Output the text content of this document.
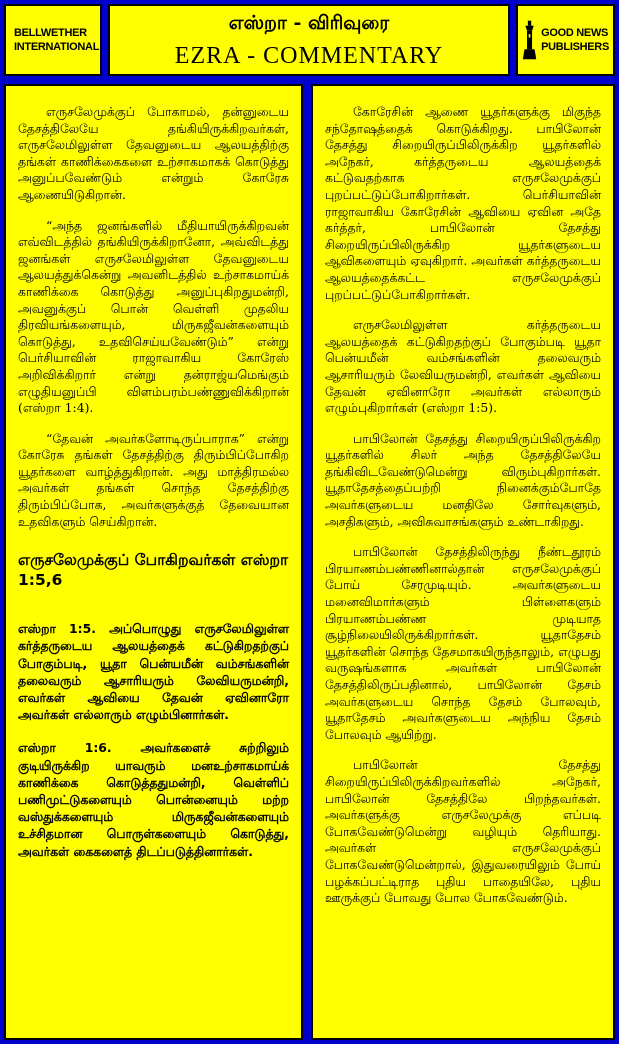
BELLWETHER
INTERNATIONAL
எஸ்றா - விரிவுரை
EZRA - COMMENTARY
GOOD NEWS
PUBLISHERS

எருசலேமுக்குப் போகாமல், தன்னுடைய தேசத்திலேயே தங்கியிருக்கிறவர்கள், எருசலேமிலுள்ள தேவனுடைய ஆலயத்திற்கு தங்கள் காணிக்கைகளை உற்சாகமாகக் கொடுத்து அனுப்பவேண்டும் என்றும் கோரேசு ஆணையிடுகிறான்.

“அந்த ஜனங்களில் மீதியாயிருக்கிறவன் எவ்விடத்தில் தங்கியிருக்கிறானோ, அவ்விடத்து ஜனங்கள் எருசலேமிலுள்ள தேவனுடைய ஆலயத்துக்கென்று அவனிடத்தில் உற்சாகமாய்க் காணிக்கை கொடுத்து அனுப்புகிறதுமன்றி, அவனுக்குப் பொன் வெள்ளி முதலிய திரவியங்களையும், மிருகஜீவன்களையும் கொடுத்து, உதவிசெய்யவேண்டும்” என்று பெர்சியாவின் ராஜாவாகிய கோரேஸ் அறிவிக்கிறார் என்று தன்ராஜ்யமெங்கும் எழுதியனுப்பி விளம்பரம்பண்ணுவிக்கிறான் (எஸ்றா 1:4).

“தேவன் அவர்களோடிருப்பாராக” என்று கோரேசு தங்கள் தேசத்திற்கு திரும்பிப்போகிற யூதர்களை வாழ்த்துகிறான். அது மாத்திரமல்ல அவர்கள் தங்கள் சொந்த தேசத்திற்கு திரும்பிப்போக, அவர்களுக்குத் தேவையான உதவிகளும் செய்கிறான்.

எருசலேமுக்குப் போகிறவர்கள் எஸ்றா 1:5,6

எஸ்றா 1:5. அப்பொழுது எருசலேமிலுள்ள கர்த்தருடைய ஆலயத்தைக் கட்டுகிறதற்குப் போகும்படி, யூதா பென்யமீன் வம்சங்களின் தலைவரும் ஆசாரியரும் லேவியருமன்றி, எவர்கள் ஆவியை தேவன் ஏவினாரோ அவர்கள் எல்லாரும் எழும்பினார்கள்.

எஸ்றா 1:6. அவர்களைச் சுற்றிலும் குடியிருக்கிற யாவரும் மனஉற்சாகமாய்க் காணிக்கை கொடுத்ததுமன்றி, வெள்ளிப் பணிமுட்டுகளையும் பொன்னையும் மற்ற வஸ்துக்களையும் மிருகஜீவன்களையும் உச்சிதமான பொருள்களையும் கொடுத்து, அவர்கள் கைகளைத் திடப்படுத்தினார்கள்.

கோரேசின் ஆணை யூதர்களுக்கு மிகுந்த சந்தோஷத்தைக் கொடுக்கிறது. பாபிலோன் தேசத்து சிறையிருப்பிலிருக்கிற யூதர்களில் அநேகர், கர்த்தருடைய ஆலயத்தைக் கட்டுவதற்காக எருசலேமுக்குப் புறப்பட்டுப்போகிறார்கள். பெர்சியாவின் ராஜாவாகிய கோரேசின் ஆவியை ஏவின அதே கர்த்தர், பாபிலோன் தேசத்து சிறையிருப்பிலிருக்கிற யூதர்களுடைய ஆவிகளையும் ஏவுகிறார். அவர்கள் கர்த்தருடைய ஆலயத்தைக்கட்ட எருசலேமுக்குப் புறப்பட்டுப்போகிறார்கள்.

எருசலேமிலுள்ள கர்த்தருடைய ஆலயத்தைக் கட்டுகிறதற்குப் போகும்படி யூதா பென்யமீன் வம்சங்களின் தலைவரும் ஆசாரியரும் லேவியருமன்றி, எவர்கள் ஆவியை தேவன் ஏவினாரோ அவர்கள் எல்லாரும் எழும்புகிறார்கள் (எஸ்றா 1:5).

பாபிலோன் தேசத்து சிறையிருப்பிலிருக்கிற யூதர்களில் சிலர் அந்த தேசத்திலேயே தங்கிவிடவேண்டுமென்று விரும்புகிறார்கள். யூதாதேசத்தைப்பற்றி நினைக்கும்போதே அவர்களுடைய மனதிலே சோர்வுகளும், அசதிகளும், அவிசுவாசங்களும் உண்டாகிறது.

பாபிலோன் தேசத்திலிருந்து நீண்டதூரம் பிரயாணம்பண்ணினால்தான் எருசலேமுக்குப் போய் சேரமுடியும். அவர்களுடைய மனைவிமார்களும் பிள்ளைகளும் பிரயாணம்பண்ண முடியாத சூழ்நிலையிலிருக்கிறார்கள். யூதாதேசம் யூதர்களின் சொந்த தேசமாகயிருந்தாலும், எழுபது வருஷங்களாக அவர்கள் பாபிலோன் தேசத்திலிருப்பதினால், பாபிலோன் தேசம் அவர்களுடைய சொந்த தேசம் போலவும், யூதாதேசம் அவர்களுடைய அந்நிய தேசம் போலவும் ஆயிற்று.

பாபிலோன் தேசத்து சிறையிருப்பிலிருக்கிறவர்களில் அநேகர், பாபிலோன் தேசத்திலே பிறந்தவர்கள். அவர்களுக்கு எருசலேமுக்கு எப்படி போகவேண்டுமென்று வழியும் தெரியாது. அவர்கள் எருசலேமுக்குப் போகவேண்டுமென்றால், இதுவரையிலும் போய் பழக்கப்பட்டிராத புதிய பாதையிலே, புதிய ஊருக்குப் போவது போல போகவேண்டும்.
